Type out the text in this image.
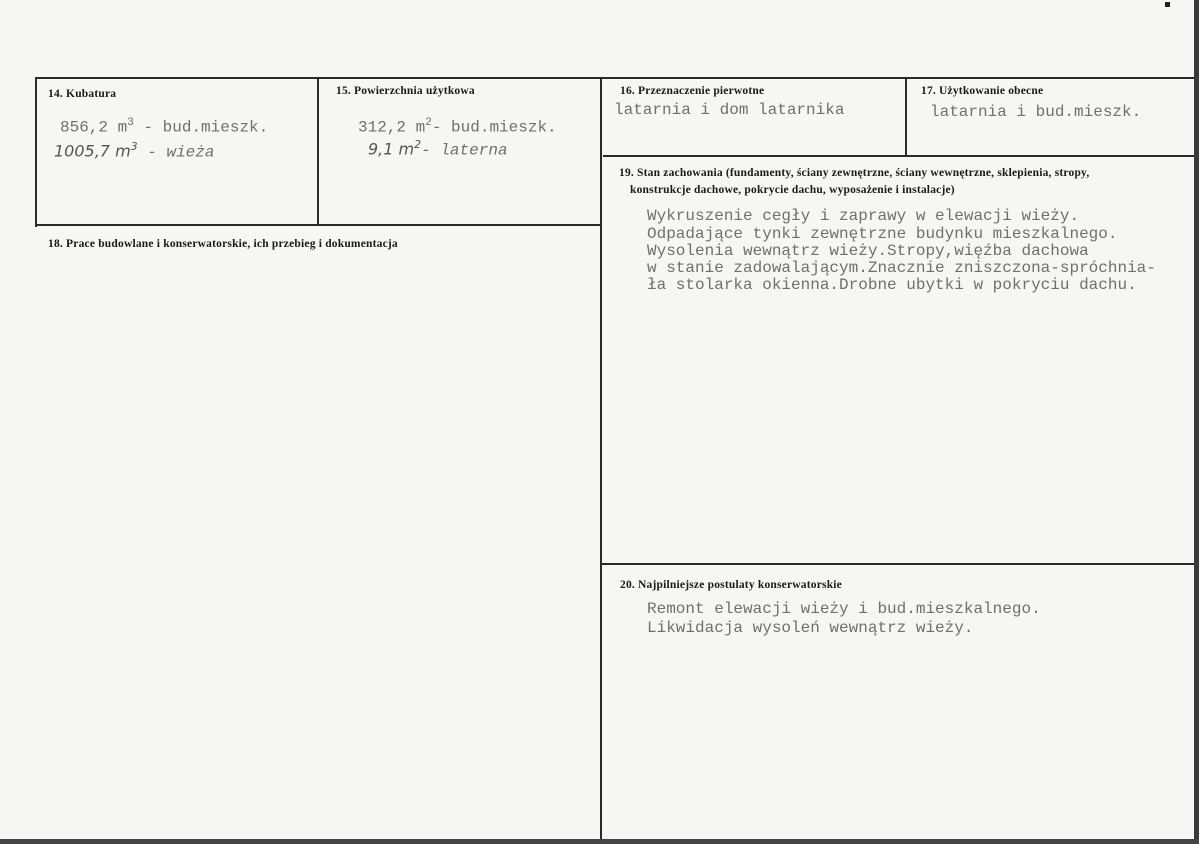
14. Kubatura
856,2 $m^3$ - bud.mieszk.
1005,7 $m^3$ - wieża
15. Powierzchnia użytkowa
312,2 $m^2-$ bud.mieszk.
9,1 $m^2-$ laterna
16. Przeznaczenie pierwotne
latarnia i dom latarnika
17. Użytkowanie obecne
latarnia i bud.mieszk.
18. Prace budowlane i konserwatorskie, ich przebieg i dokumentacja
19. Stan zachowania (fundamenty, ściany zewnętrzne, ściany wewnętrzne, sklepienia, stropy,
konstrukcje dachowe, pokrycie dachu, wyposażenie i instalacje)
Wykruszenie cegły i zaprawy w elewacji wieży.
Odpadające tynki zewnętrzne budynku mieszkalnego.
Wysolenia wewnątrz wieży.Stropy,więźba dachowa
w stanie zadowalającym.Znacznie zniszczona-spróchnia-
ła stolarka okienna.Drobne ubytki w pokryciu dachu.
20. Najpilniejsze postulaty konserwatorskie
Remont elewacji wieży i bud.mieszkalnego.
Likwidacja wysoleń wewnątrz wieży.
